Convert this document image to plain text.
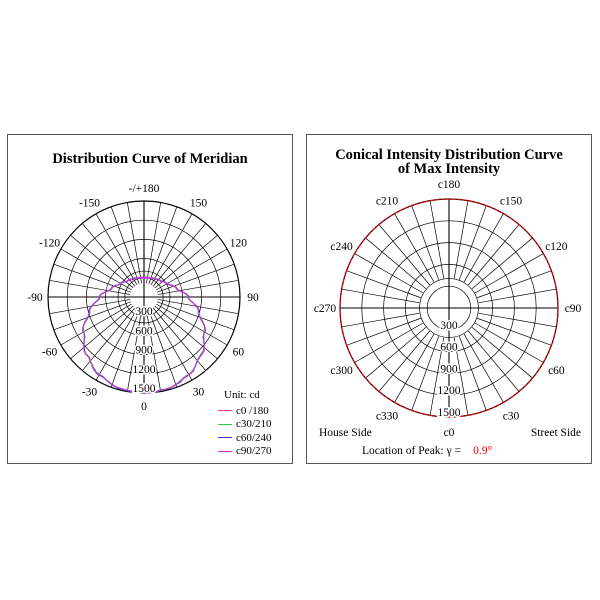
Distribution Curve of Meridian
0
30
60
90
120
150
-/+180
-150
-120
-90
-60
-30
300
600
900
1200
1500	Unit: cd
c0 /180
c30/210
c60/240
c90/270
Conical Intensity Distribution Curve
of Max Intensity
c0
c30
c60
c90
c120
c150
c180
c210
c240
c270
c300
c330
300
600
900
1200
1500
House Side	Street Side
Location of Peak: γ = 0.9°
